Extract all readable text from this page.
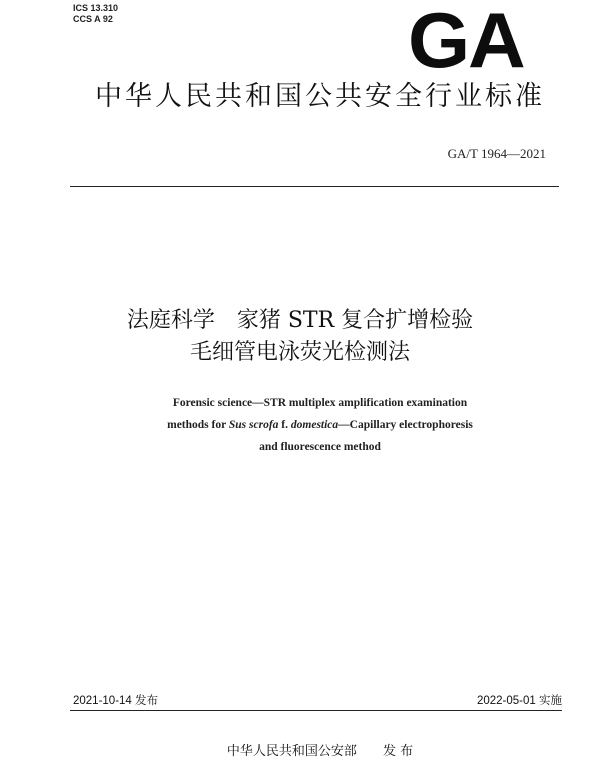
ICS 13.310
CCS A 92	GA
中华人民共和国公共安全行业标准
GA/T 1964—2021
法庭科学　家猪 STR 复合扩增检验
毛细管电泳荧光检测法
Forensic science—STR multiplex amplification examination
methods for Sus scrofa f. domestica—Capillary electrophoresis
and fluorescence method
2021-10-14 发布	2022-05-01 实施
中华人民共和国公安部 发 布
